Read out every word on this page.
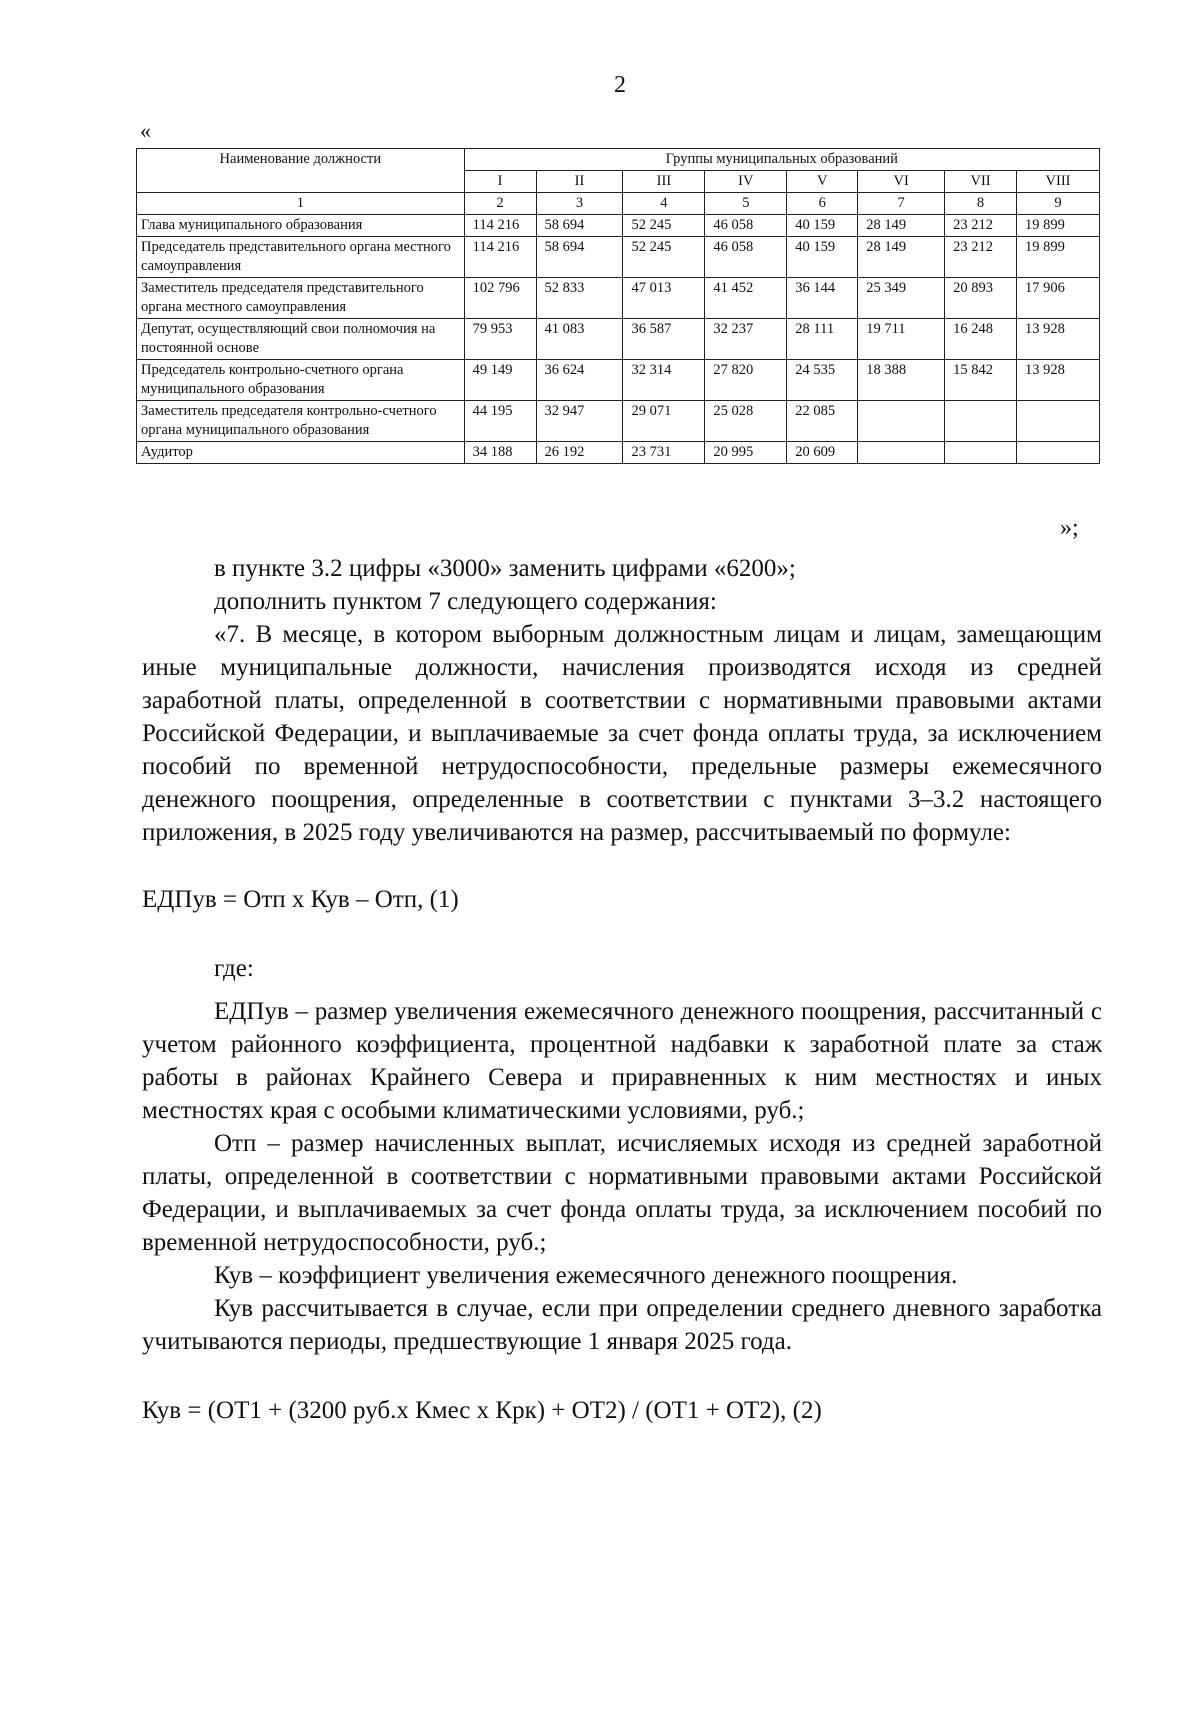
2
«
Наименование должности	Группы муниципальных образований							
	I	II	III	IV	V	VI	VII	VIII
1	2	3	4	5	6	7	8	9
Глава муниципального образования	114 216	58 694	52 245	46 058	40 159	28 149	23 212	19 899
Председатель представительного органа местного самоуправления	114 216	58 694	52 245	46 058	40 159	28 149	23 212	19 899
Заместитель председателя представительного органа местного самоуправления	102 796	52 833	47 013	41 452	36 144	25 349	20 893	17 906
Депутат, осуществляющий свои полномочия на постоянной основе	79 953	41 083	36 587	32 237	28 111	19 711	16 248	13 928
Председатель контрольно-счетного органа муниципального образования	49 149	36 624	32 314	27 820	24 535	18 388	15 842	13 928
Заместитель председателя контрольно-счетного органа муниципального образования	44 195	32 947	29 071	25 028	22 085			
Аудитор	34 188	26 192	23 731	20 995	20 609			
»;

в пункте 3.2 цифры «3000» заменить цифрами «6200»;

дополнить пунктом 7 следующего содержания:

«7. В месяце, в котором выборным должностным лицам и лицам, замещающим иные муниципальные должности, начисления производятся исходя из средней заработной платы, определенной в соответствии с нормативными правовыми актами Российской Федерации, и выплачиваемые за счет фонда оплаты труда, за исключением пособий по временной нетрудоспособности, предельные размеры ежемесячного денежного поощрения, определенные в соответствии с пунктами 3–3.2 настоящего приложения, в 2025 году увеличиваются на размер, рассчитываемый по формуле:

ЕДПув = Отп х Кув – Отп, (1)

где:

ЕДПув – размер увеличения ежемесячного денежного поощрения, рассчитанный с учетом районного коэффициента, процентной надбавки к заработной плате за стаж работы в районах Крайнего Севера и приравненных к ним местностях и иных местностях края с особыми климатическими условиями, руб.;

Отп – размер начисленных выплат, исчисляемых исходя из средней заработной платы, определенной в соответствии с нормативными правовыми актами Российской Федерации, и выплачиваемых за счет фонда оплаты труда, за исключением пособий по временной нетрудоспособности, руб.;

Кув – коэффициент увеличения ежемесячного денежного поощрения.

Кув рассчитывается в случае, если при определении среднего дневного заработка учитываются периоды, предшествующие 1 января 2025 года.

Кув = (ОТ1 + (3200 руб.х Кмес х Крк) + ОТ2) / (ОТ1 + ОТ2), (2)
